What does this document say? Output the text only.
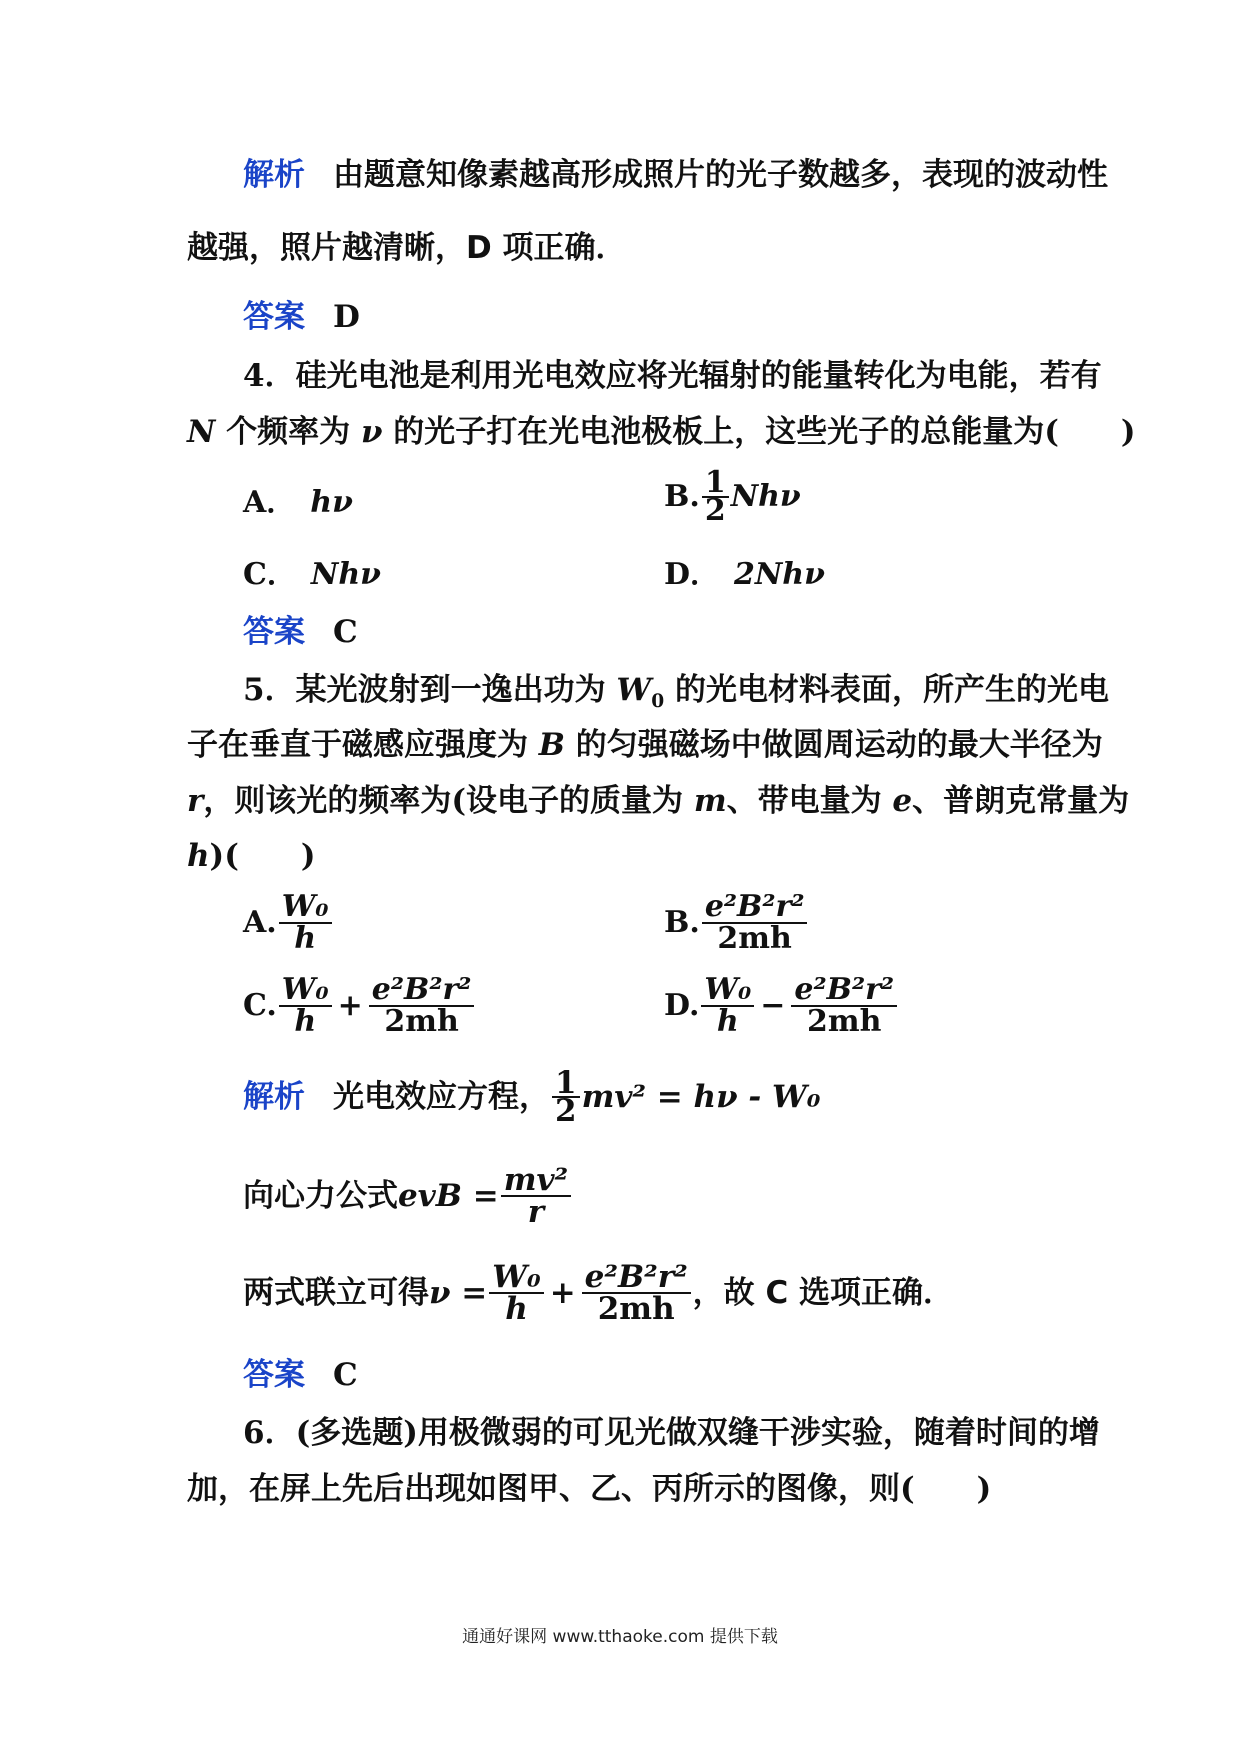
解析 由题意知像素越高形成照片的光子数越多，表现的波动性
越强，照片越清晰，D 项正确．
答案 D
4．硅光电池是利用光电效应将光辐射的能量转化为电能，若有
N 个频率为 ν 的光子打在光电池极板上，这些光子的总能量为(　　)
A． hν	B. $\frac{1}{2}$ Nhν
C． Nhν	D． 2Nhν
答案 C
5．某光波射到一逸出功为 $W_0$ 的光电材料表面，所产生的光电
子在垂直于磁感应强度为 B 的匀强磁场中做圆周运动的最大半径为
r，则该光的频率为(设电子的质量为 m、带电量为 e、普朗克常量为
h)(　　)
A. $\frac{\text{W₀}}{h}$	B. $\frac{\text{e²B²r²}}{2mh}$
C. $\frac{\text{W₀}}{h} + \frac{\text{e²B²r²}}{2mh}$	D. $\frac{\text{W₀}}{h} - \frac{\text{e²B²r²}}{2mh}$
解析 光电效应方程， $\frac{1}{2} mv^2 = h\nu - W_0$
向心力公式 evB = $\frac{\text{mv²}}{r}$
两式联立可得 $\nu = \frac{\text{W₀}}{h} + \frac{\text{e²B²r²}}{2mh}$ ，故 C 选项正确．
答案 C
6．(多选题)用极微弱的可见光做双缝干涉实验，随着时间的增
加，在屏上先后出现如图甲、乙、丙所示的图像，则(　　)
通通好课网 www.tthaoke.com 提供下载
